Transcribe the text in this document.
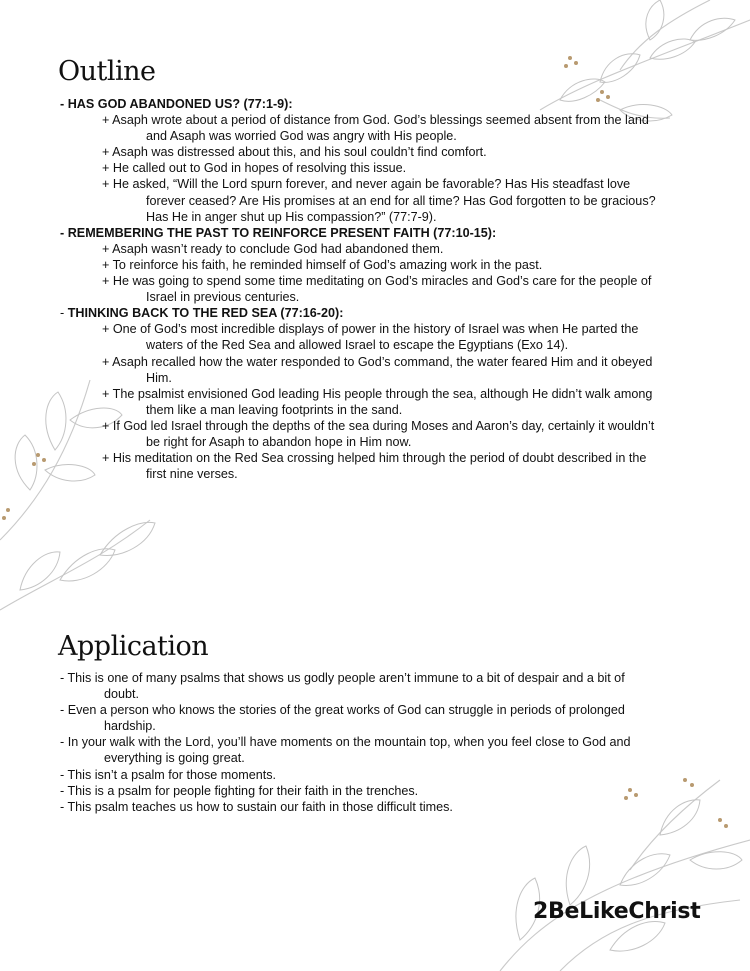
Outline
- HAS GOD ABANDONED US? (77:1-9):
+ Asaph wrote about a period of distance from God. God’s blessings seemed absent from the land
and Asaph was worried God was angry with His people.
+ Asaph was distressed about this, and his soul couldn’t find comfort.
+ He called out to God in hopes of resolving this issue.
+ He asked, “Will the Lord spurn forever, and never again be favorable? Has His steadfast love
forever ceased? Are His promises at an end for all time? Has God forgotten to be gracious?
Has He in anger shut up His compassion?” (77:7-9).
- REMEMBERING THE PAST TO REINFORCE PRESENT FAITH (77:10-15):
+ Asaph wasn’t ready to conclude God had abandoned them.
+ To reinforce his faith, he reminded himself of God’s amazing work in the past.
+ He was going to spend some time meditating on God’s miracles and God’s care for the people of
Israel in previous centuries.
- THINKING BACK TO THE RED SEA (77:16-20):
+ One of God’s most incredible displays of power in the history of Israel was when He parted the
waters of the Red Sea and allowed Israel to escape the Egyptians (Exo 14).
+ Asaph recalled how the water responded to God’s command, the water feared Him and it obeyed
Him.
+ The psalmist envisioned God leading His people through the sea, although He didn’t walk among
them like a man leaving footprints in the sand.
+ If God led Israel through the depths of the sea during Moses and Aaron’s day, certainly it wouldn’t
be right for Asaph to abandon hope in Him now.
+ His meditation on the Red Sea crossing helped him through the period of doubt described in the
first nine verses.
Application
- This is one of many psalms that shows us godly people aren’t immune to a bit of despair and a bit of
doubt.
- Even a person who knows the stories of the great works of God can struggle in periods of prolonged
hardship.
- In your walk with the Lord, you’ll have moments on the mountain top, when you feel close to God and
everything is going great.
- This isn’t a psalm for those moments.
- This is a psalm for people fighting for their faith in the trenches.
- This psalm teaches us how to sustain our faith in those difficult times.
2BeLikeChrist
